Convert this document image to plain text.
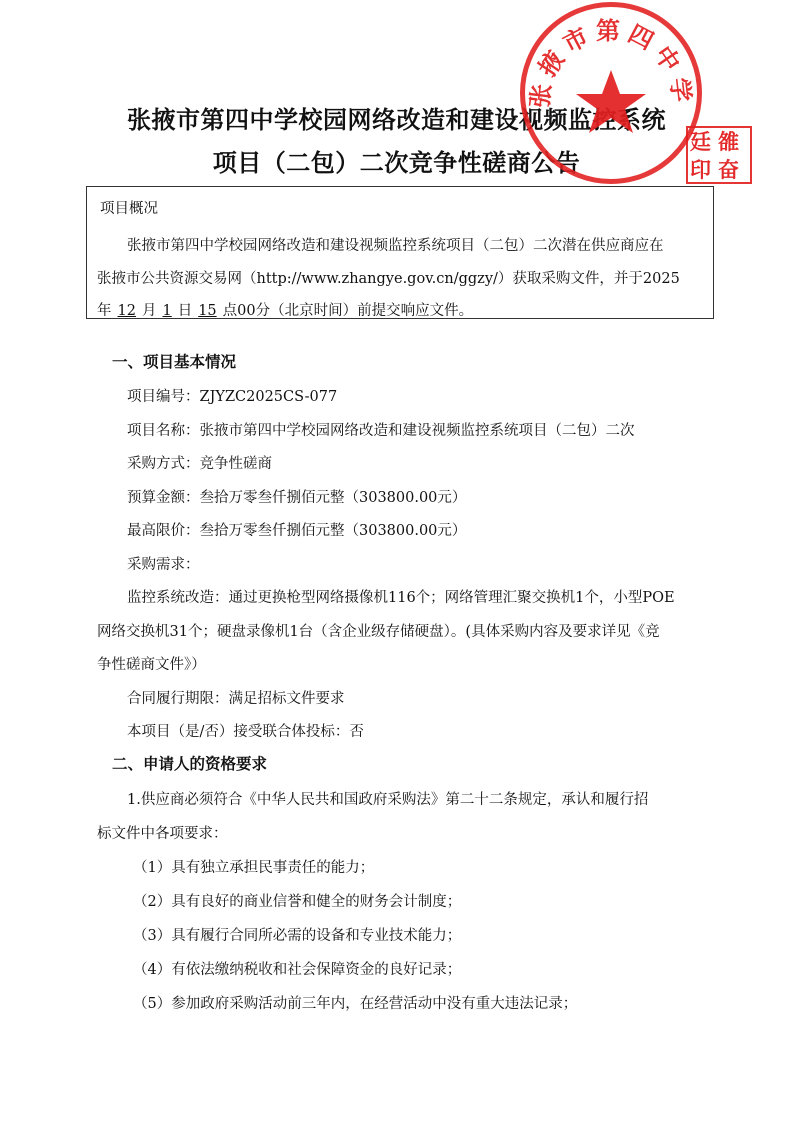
张掖市第四中学校园网络改造和建设视频监控系统
项目（二包）二次竞争性磋商公告
项目概况
张掖市第四中学校园网络改造和建设视频监控系统项目（二包）二次潜在供应商应在
张掖市公共资源交易网（http://www.zhangye.gov.cn/ggzy/）获取采购文件，并于2025
年 12 月 1 日 15 点00分（北京时间）前提交响应文件。
一、项目基本情况
项目编号：ZJYZC2025CS-077
项目名称：张掖市第四中学校园网络改造和建设视频监控系统项目（二包）二次
采购方式：竞争性磋商
预算金额：叁拾万零叁仟捌佰元整（303800.00元）
最高限价：叁拾万零叁仟捌佰元整（303800.00元）
采购需求：
监控系统改造：通过更换枪型网络摄像机116个；网络管理汇聚交换机1个，小型POE
网络交换机31个；硬盘录像机1台（含企业级存储硬盘）。(具体采购内容及要求详见《竞
争性磋商文件》）
合同履行期限：满足招标文件要求
本项目（是/否）接受联合体投标：否
二、申请人的资格要求
1.供应商必须符合《中华人民共和国政府采购法》第二十二条规定，承认和履行招
标文件中各项要求：
（1）具有独立承担民事责任的能力；
（2）具有良好的商业信誉和健全的财务会计制度；
（3）具有履行合同所必需的设备和专业技术能力；
（4）有依法缴纳税收和社会保障资金的良好记录；
（5）参加政府采购活动前三年内，在经营活动中没有重大违法记录；
张掖市第四中学
廷 雒
印 奋
